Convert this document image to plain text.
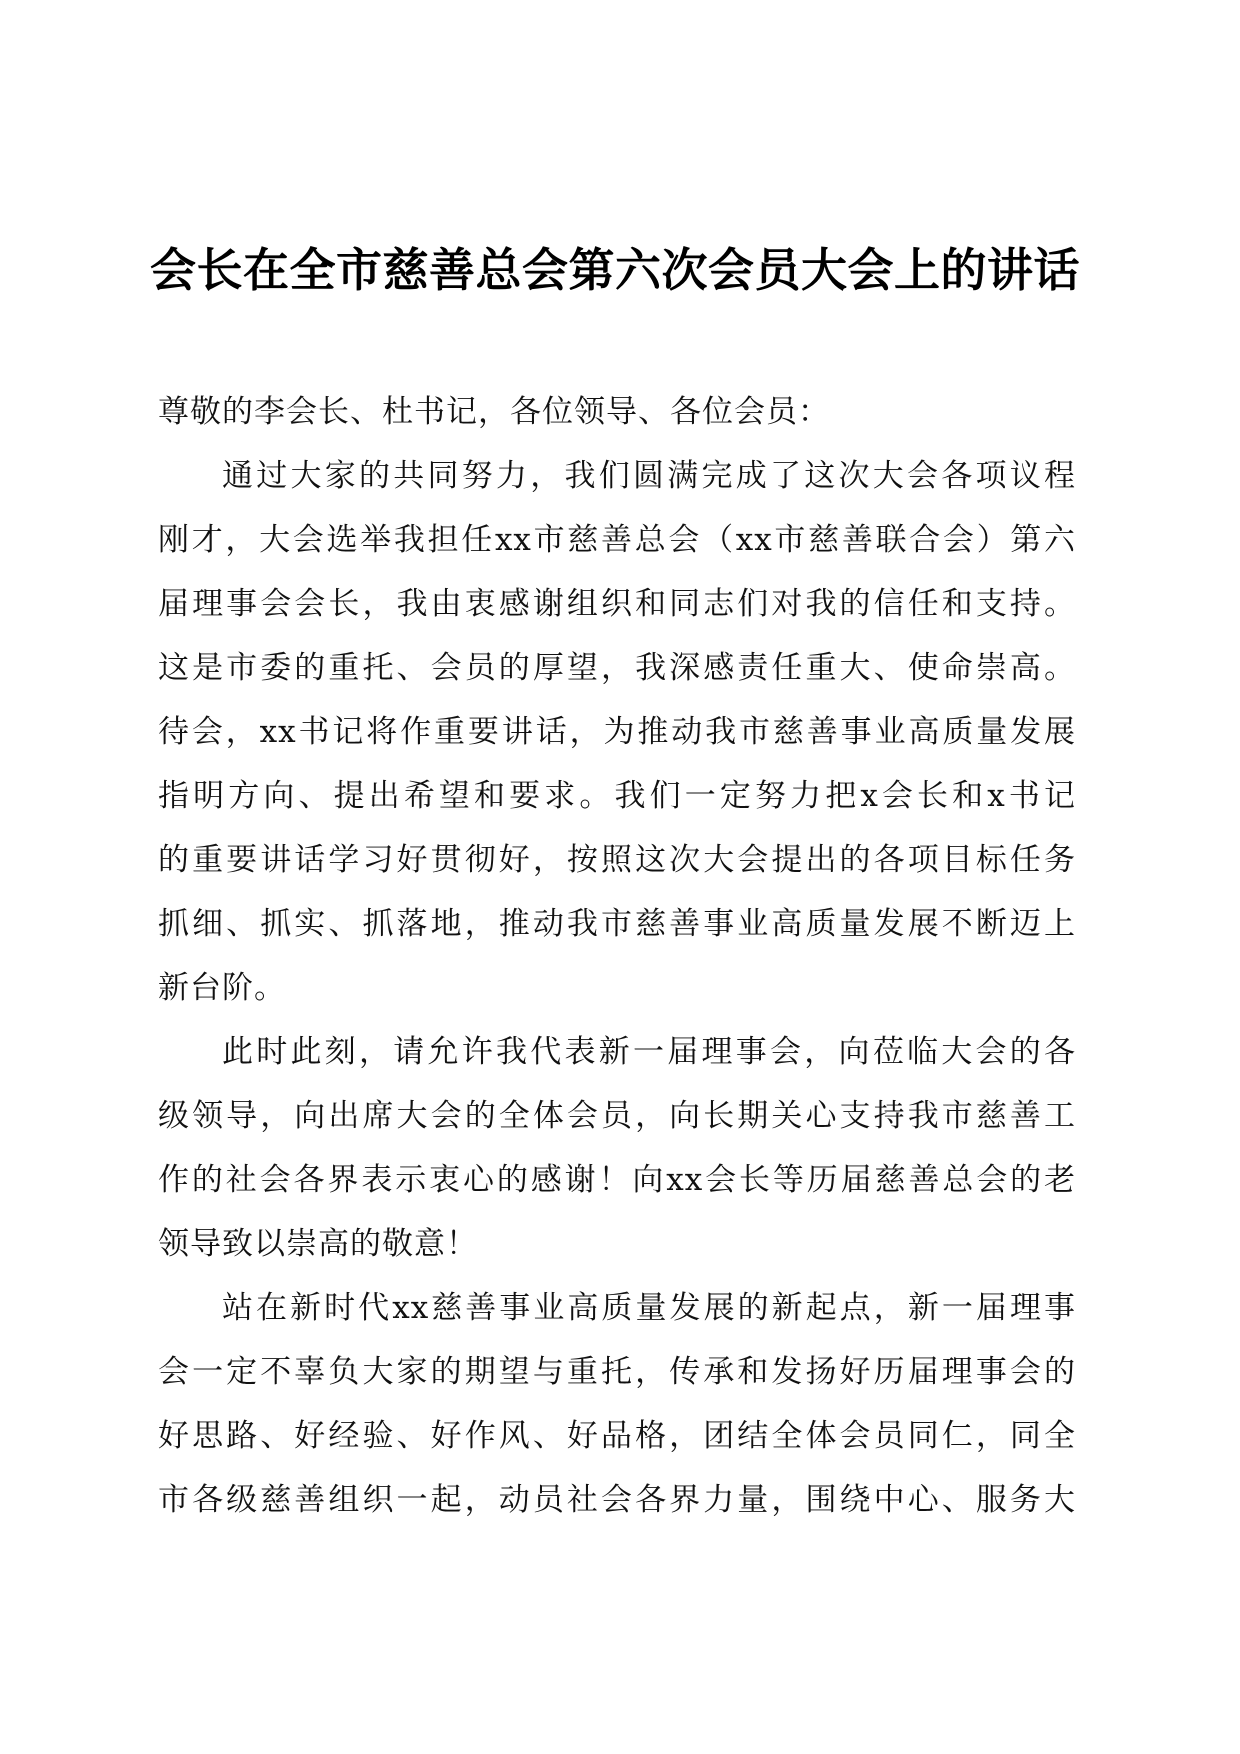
会长在全市慈善总会第六次会员大会上的讲话
尊敬的李会长、杜书记，各位领导、各位会员：
通过大家的共同努力，我们圆满完成了这次大会各项议程
刚才，大会选举我担任xx市慈善总会（xx市慈善联合会）第六
届理事会会长，我由衷感谢组织和同志们对我的信任和支持。
这是市委的重托、会员的厚望，我深感责任重大、使命崇高。
待会，xx书记将作重要讲话，为推动我市慈善事业高质量发展
指明方向、提出希望和要求。我们一定努力把x会长和x书记
的重要讲话学习好贯彻好，按照这次大会提出的各项目标任务
抓细、抓实、抓落地，推动我市慈善事业高质量发展不断迈上
新台阶。
此时此刻，请允许我代表新一届理事会，向莅临大会的各
级领导，向出席大会的全体会员，向长期关心支持我市慈善工
作的社会各界表示衷心的感谢！向xx会长等历届慈善总会的老
领导致以崇高的敬意！
站在新时代xx慈善事业高质量发展的新起点，新一届理事
会一定不辜负大家的期望与重托，传承和发扬好历届理事会的
好思路、好经验、好作风、好品格，团结全体会员同仁，同全
市各级慈善组织一起，动员社会各界力量，围绕中心、服务大
